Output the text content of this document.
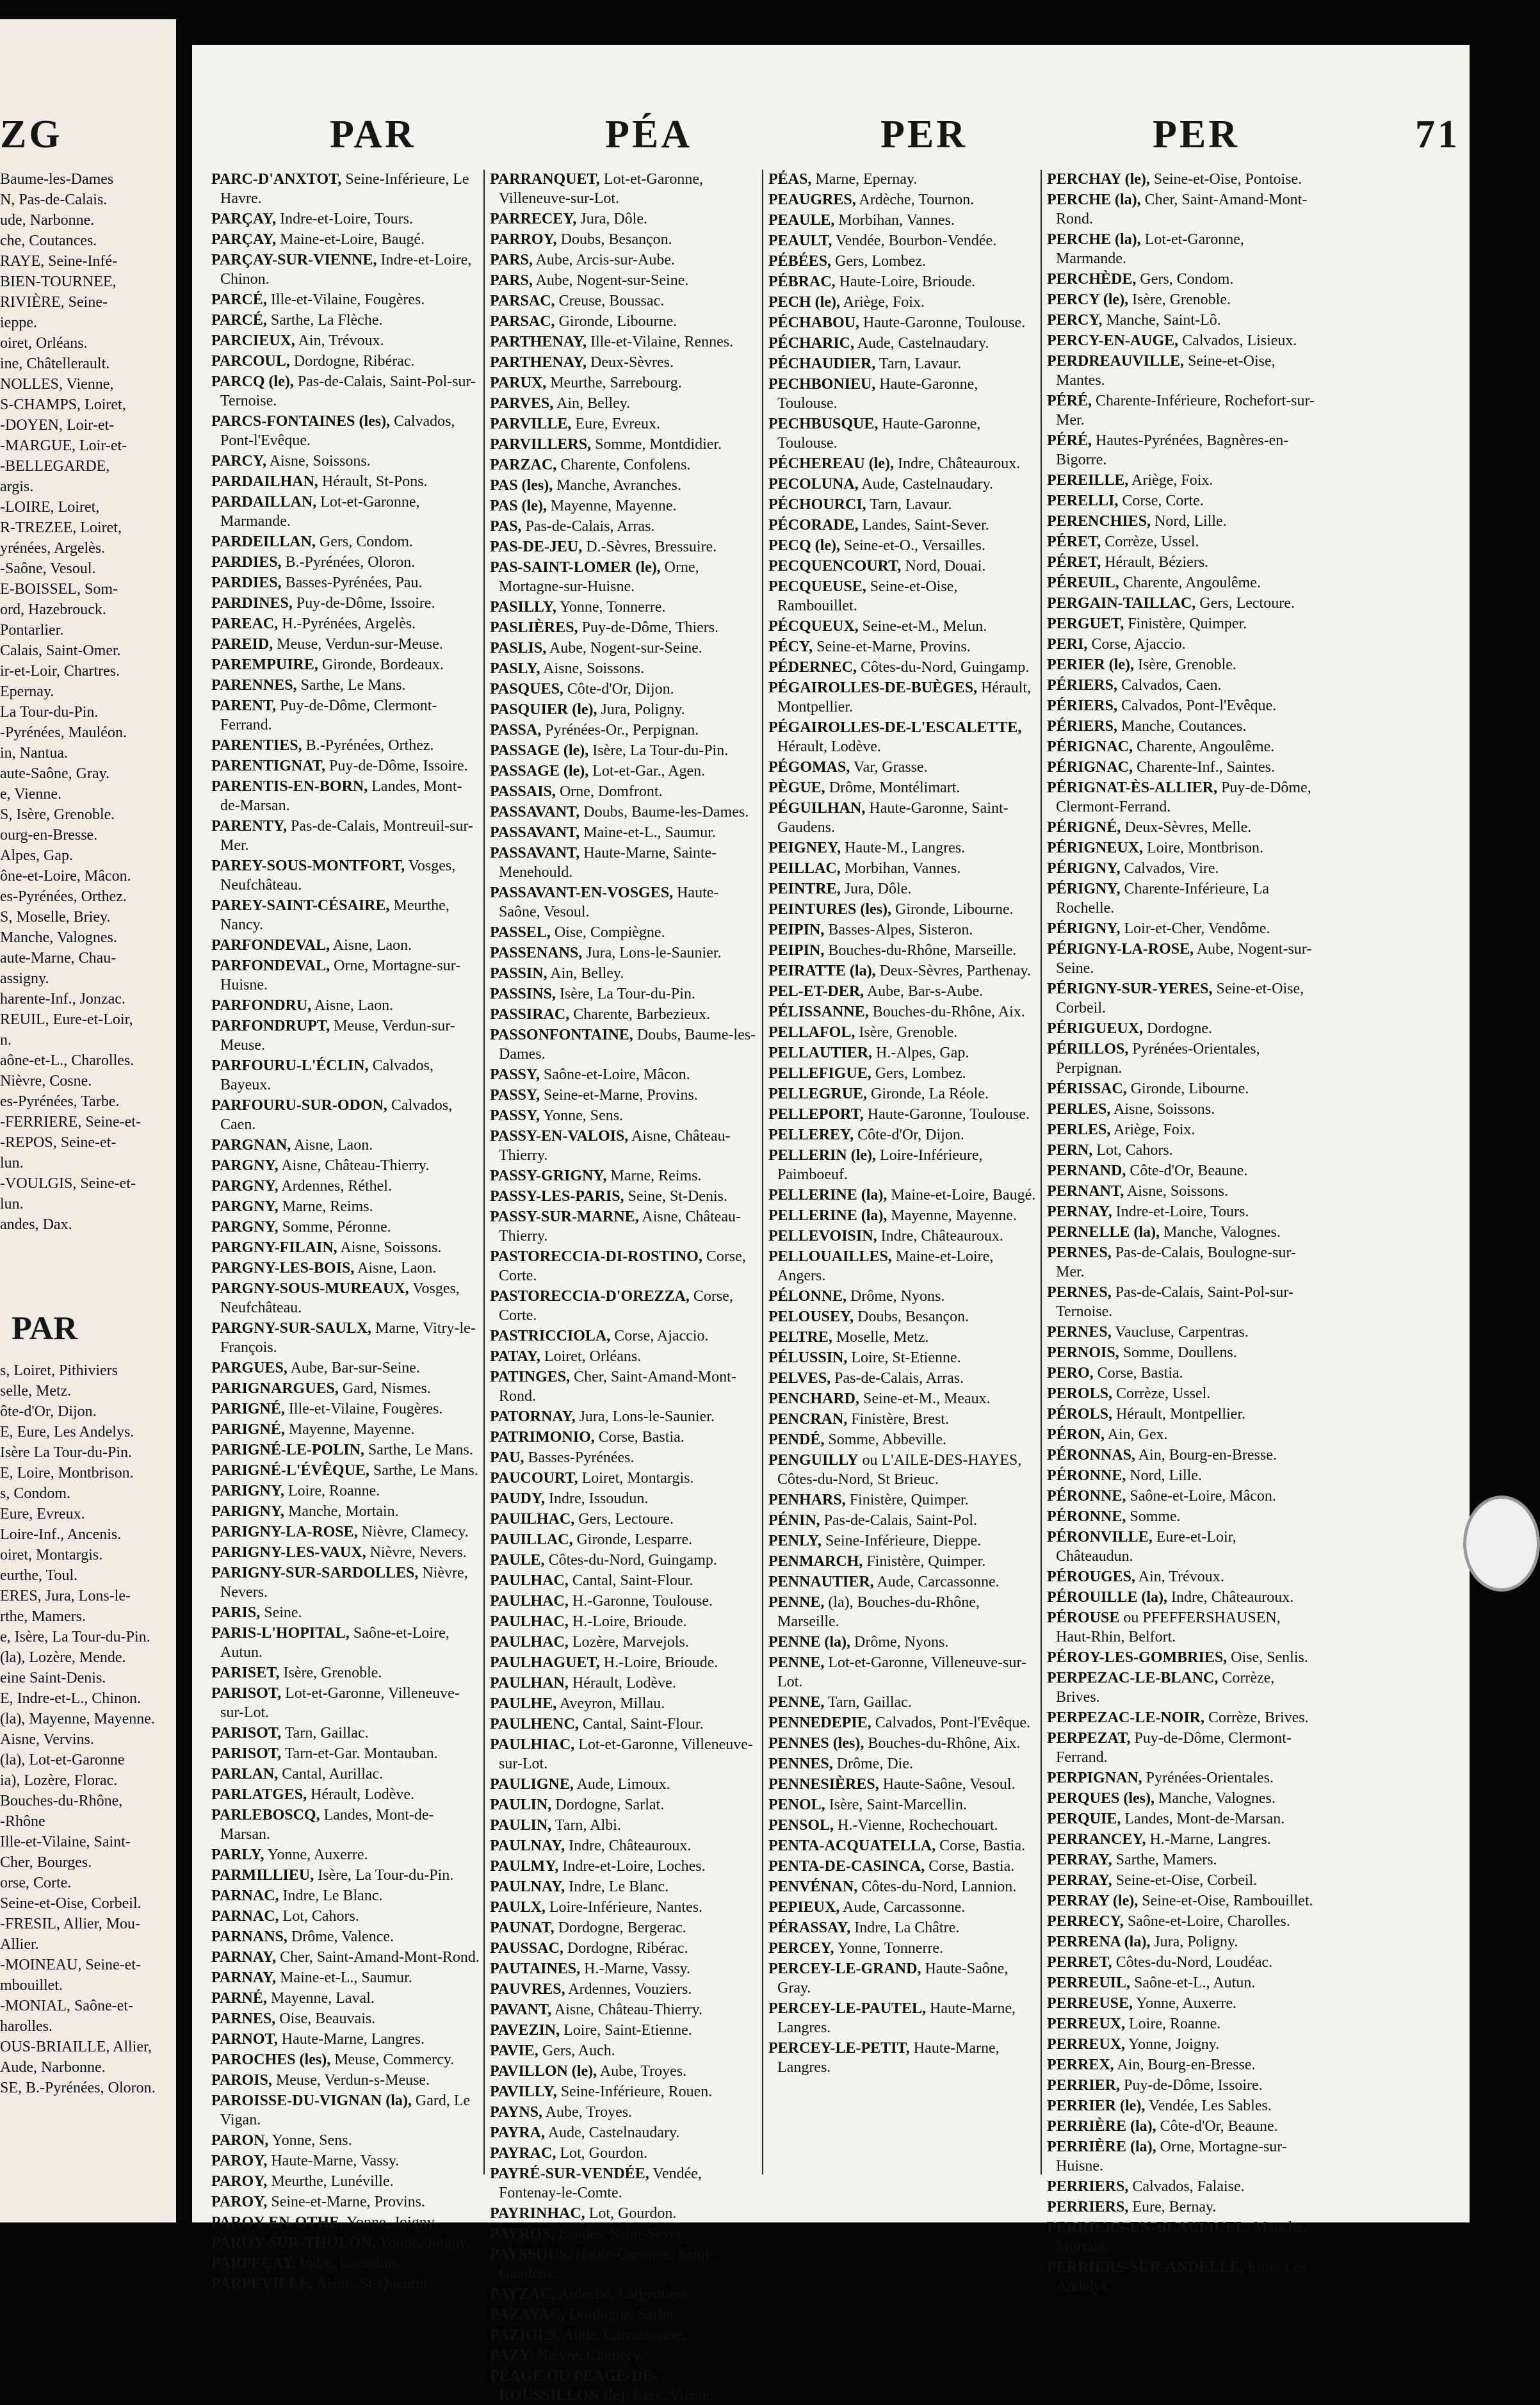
ZG
Baume-les-Dames
N, Pas-de-Calais.
ude, Narbonne.
che, Coutances.
RAYE, Seine-Infé-
BIEN-TOURNEE,
RIVIÈRE, Seine-
ieppe.
oiret, Orléans.
ine, Châtellerault.
NOLLES, Vienne,
S-CHAMPS, Loiret,
-DOYEN, Loir-et-
-MARGUE, Loir-et-
-BELLEGARDE,
argis.
-LOIRE, Loiret,
R-TREZEE, Loiret,
yrénées, Argelès.
-Saône, Vesoul.
E-BOISSEL, Som-
ord, Hazebrouck.
Pontarlier.
Calais, Saint-Omer.
ir-et-Loir, Chartres.
Epernay.
La Tour-du-Pin.
-Pyrénées, Mauléon.
in, Nantua.
aute-Saône, Gray.
e, Vienne.
S, Isère, Grenoble.
ourg-en-Bresse.
Alpes, Gap.
ône-et-Loire, Mâcon.
es-Pyrénées, Orthez.
S, Moselle, Briey.
Manche, Valognes.
aute-Marne, Chau-
assigny.
harente-Inf., Jonzac.
REUIL, Eure-et-Loir,
n.
aône-et-L., Charolles.
Nièvre, Cosne.
es-Pyrénées, Tarbe.
-FERRIERE, Seine-et-
-REPOS, Seine-et-
lun.
-VOULGIS, Seine-et-
lun.
andes, Dax.
PAR
s, Loiret, Pithiviers
selle, Metz.
ôte-d'Or, Dijon.
E, Eure, Les Andelys.
Isère La Tour-du-Pin.
E, Loire, Montbrison.
s, Condom.
Eure, Evreux.
Loire-Inf., Ancenis.
oiret, Montargis.
eurthe, Toul.
ERES, Jura, Lons-le-
rthe, Mamers.
e, Isère, La Tour-du-Pin.
(la), Lozère, Mende.
eine Saint-Denis.
E, Indre-et-L., Chinon.
(la), Mayenne, Mayenne.
Aisne, Vervins.
(la), Lot-et-Garonne
ia), Lozère, Florac.
Bouches-du-Rhône,
-Rhône
Ille-et-Vilaine, Saint-
Cher, Bourges.
orse, Corte.
Seine-et-Oise, Corbeil.
-FRESIL, Allier, Mou-
Allier.
-MOINEAU, Seine-et-
mbouillet.
-MONIAL, Saône-et-
harolles.
OUS-BRIAILLE, Allier,
Aude, Narbonne.
SE, B.-Pyrénées, Oloron.
PAR	PÉA	PER	PER	71
PARC-D'ANXTOT, Seine-Inférieure, Le Havre.
PARÇAY, Indre-et-Loire, Tours.
PARÇAY, Maine-et-Loire, Baugé.
PARÇAY-SUR-VIENNE, Indre-et-Loire, Chinon.
PARCÉ, Ille-et-Vilaine, Fougères.
PARCÉ, Sarthe, La Flèche.
PARCIEUX, Ain, Trévoux.
PARCOUL, Dordogne, Ribérac.
PARCQ (le), Pas-de-Calais, Saint-Pol-sur-Ternoise.
PARCS-FONTAINES (les), Calvados, Pont-l'Evêque.
PARCY, Aisne, Soissons.
PARDAILHAN, Hérault, St-Pons.
PARDAILLAN, Lot-et-Garonne, Marmande.
PARDEILLAN, Gers, Condom.
PARDIES, B.-Pyrénées, Oloron.
PARDIES, Basses-Pyrénées, Pau.
PARDINES, Puy-de-Dôme, Issoire.
PAREAC, H.-Pyrénées, Argelès.
PAREID, Meuse, Verdun-sur-Meuse.
PAREMPUIRE, Gironde, Bordeaux.
PARENNES, Sarthe, Le Mans.
PARENT, Puy-de-Dôme, Clermont-Ferrand.
PARENTIES, B.-Pyrénées, Orthez.
PARENTIGNAT, Puy-de-Dôme, Issoire.
PARENTIS-EN-BORN, Landes, Mont-de-Marsan.
PARENTY, Pas-de-Calais, Montreuil-sur-Mer.
PAREY-SOUS-MONTFORT, Vosges, Neufchâteau.
PAREY-SAINT-CÉSAIRE, Meurthe, Nancy.
PARFONDEVAL, Aisne, Laon.
PARFONDEVAL, Orne, Mortagne-sur-Huisne.
PARFONDRU, Aisne, Laon.
PARFONDRUPT, Meuse, Verdun-sur-Meuse.
PARFOURU-L'ÉCLIN, Calvados, Bayeux.
PARFOURU-SUR-ODON, Calvados, Caen.
PARGNAN, Aisne, Laon.
PARGNY, Aisne, Château-Thierry.
PARGNY, Ardennes, Réthel.
PARGNY, Marne, Reims.
PARGNY, Somme, Péronne.
PARGNY-FILAIN, Aisne, Soissons.
PARGNY-LES-BOIS, Aisne, Laon.
PARGNY-SOUS-MUREAUX, Vosges, Neufchâteau.
PARGNY-SUR-SAULX, Marne, Vitry-le-François.
PARGUES, Aube, Bar-sur-Seine.
PARIGNARGUES, Gard, Nismes.
PARIGNÉ, Ille-et-Vilaine, Fougères.
PARIGNÉ, Mayenne, Mayenne.
PARIGNÉ-LE-POLIN, Sarthe, Le Mans.
PARIGNÉ-L'ÉVÊQUE, Sarthe, Le Mans.
PARIGNY, Loire, Roanne.
PARIGNY, Manche, Mortain.
PARIGNY-LA-ROSE, Nièvre, Clamecy.
PARIGNY-LES-VAUX, Nièvre, Nevers.
PARIGNY-SUR-SARDOLLES, Nièvre, Nevers.
PARIS, Seine.
PARIS-L'HOPITAL, Saône-et-Loire, Autun.
PARISET, Isère, Grenoble.
PARISOT, Lot-et-Garonne, Villeneuve-sur-Lot.
PARISOT, Tarn, Gaillac.
PARISOT, Tarn-et-Gar. Montauban.
PARLAN, Cantal, Aurillac.
PARLATGES, Hérault, Lodève.
PARLEBOSCQ, Landes, Mont-de-Marsan.
PARLY, Yonne, Auxerre.
PARMILLIEU, Isère, La Tour-du-Pin.
PARNAC, Indre, Le Blanc.
PARNAC, Lot, Cahors.
PARNANS, Drôme, Valence.
PARNAY, Cher, Saint-Amand-Mont-Rond.
PARNAY, Maine-et-L., Saumur.
PARNÉ, Mayenne, Laval.
PARNES, Oise, Beauvais.
PARNOT, Haute-Marne, Langres.
PAROCHES (les), Meuse, Commercy.
PAROIS, Meuse, Verdun-s-Meuse.
PAROISSE-DU-VIGNAN (la), Gard, Le Vigan.
PARON, Yonne, Sens.
PAROY, Haute-Marne, Vassy.
PAROY, Meurthe, Lunéville.
PAROY, Seine-et-Marne, Provins.
PAROY-EN-OTHE, Yonne, Joigny.
PAROY-SUR-THOLON, Yonne, Joigny.
PARPEÇAY, Indre, Issoudun.
PARPEVILLE, Aisne, St-Quentin.
PARRANQUET, Lot-et-Garonne, Villeneuve-sur-Lot.
PARRECEY, Jura, Dôle.
PARROY, Doubs, Besançon.
PARS, Aube, Arcis-sur-Aube.
PARS, Aube, Nogent-sur-Seine.
PARSAC, Creuse, Boussac.
PARSAC, Gironde, Libourne.
PARTHENAY, Ille-et-Vilaine, Rennes.
PARTHENAY, Deux-Sèvres.
PARUX, Meurthe, Sarrebourg.
PARVES, Ain, Belley.
PARVILLE, Eure, Evreux.
PARVILLERS, Somme, Montdidier.
PARZAC, Charente, Confolens.
PAS (les), Manche, Avranches.
PAS (le), Mayenne, Mayenne.
PAS, Pas-de-Calais, Arras.
PAS-DE-JEU, D.-Sèvres, Bressuire.
PAS-SAINT-LOMER (le), Orne, Mortagne-sur-Huisne.
PASILLY, Yonne, Tonnerre.
PASLIÈRES, Puy-de-Dôme, Thiers.
PASLIS, Aube, Nogent-sur-Seine.
PASLY, Aisne, Soissons.
PASQUES, Côte-d'Or, Dijon.
PASQUIER (le), Jura, Poligny.
PASSA, Pyrénées-Or., Perpignan.
PASSAGE (le), Isère, La Tour-du-Pin.
PASSAGE (le), Lot-et-Gar., Agen.
PASSAIS, Orne, Domfront.
PASSAVANT, Doubs, Baume-les-Dames.
PASSAVANT, Maine-et-L., Saumur.
PASSAVANT, Haute-Marne, Sainte-Menehould.
PASSAVANT-EN-VOSGES, Haute-Saône, Vesoul.
PASSEL, Oise, Compiègne.
PASSENANS, Jura, Lons-le-Saunier.
PASSIN, Ain, Belley.
PASSINS, Isère, La Tour-du-Pin.
PASSIRAC, Charente, Barbezieux.
PASSONFONTAINE, Doubs, Baume-les-Dames.
PASSY, Saône-et-Loire, Mâcon.
PASSY, Seine-et-Marne, Provins.
PASSY, Yonne, Sens.
PASSY-EN-VALOIS, Aisne, Château-Thierry.
PASSY-GRIGNY, Marne, Reims.
PASSY-LES-PARIS, Seine, St-Denis.
PASSY-SUR-MARNE, Aisne, Château-Thierry.
PASTORECCIA-DI-ROSTINO, Corse, Corte.
PASTORECCIA-D'OREZZA, Corse, Corte.
PASTRICCIOLA, Corse, Ajaccio.
PATAY, Loiret, Orléans.
PATINGES, Cher, Saint-Amand-Mont-Rond.
PATORNAY, Jura, Lons-le-Saunier.
PATRIMONIO, Corse, Bastia.
PAU, Basses-Pyrénées.
PAUCOURT, Loiret, Montargis.
PAUDY, Indre, Issoudun.
PAUILHAC, Gers, Lectoure.
PAUILLAC, Gironde, Lesparre.
PAULE, Côtes-du-Nord, Guingamp.
PAULHAC, Cantal, Saint-Flour.
PAULHAC, H.-Garonne, Toulouse.
PAULHAC, H.-Loire, Brioude.
PAULHAC, Lozère, Marvejols.
PAULHAGUET, H.-Loire, Brioude.
PAULHAN, Hérault, Lodève.
PAULHE, Aveyron, Millau.
PAULHENC, Cantal, Saint-Flour.
PAULHIAC, Lot-et-Garonne, Villeneuve-sur-Lot.
PAULIGNE, Aude, Limoux.
PAULIN, Dordogne, Sarlat.
PAULIN, Tarn, Albi.
PAULNAY, Indre, Châteauroux.
PAULMY, Indre-et-Loire, Loches.
PAULNAY, Indre, Le Blanc.
PAULX, Loire-Inférieure, Nantes.
PAUNAT, Dordogne, Bergerac.
PAUSSAC, Dordogne, Ribérac.
PAUTAINES, H.-Marne, Vassy.
PAUVRES, Ardennes, Vouziers.
PAVANT, Aisne, Château-Thierry.
PAVEZIN, Loire, Saint-Etienne.
PAVIE, Gers, Auch.
PAVILLON (le), Aube, Troyes.
PAVILLY, Seine-Inférieure, Rouen.
PAYNS, Aube, Troyes.
PAYRA, Aude, Castelnaudary.
PAYRAC, Lot, Gourdon.
PAYRÉ-SUR-VENDÉE, Vendée, Fontenay-le-Comte.
PAYRINHAC, Lot, Gourdon.
PAYROS, Landes, Saint-Sever.
PAYSSOUS, Haute-Garonne, Saint-Gaudens.
PAYZAC, Ardèche, Largentière.
PAZAYAC, Dordogne, Sarlat.
PAZIOLS, Aude, Carcassonne.
PAZY, Nièvre, Clamecy.
PÉAGE OU PÉAGE-DE-ROUSSILLON (le), Isère, Vienne.
PÉAS, Marne, Epernay.
PEAUGRES, Ardèche, Tournon.
PEAULE, Morbihan, Vannes.
PEAULT, Vendée, Bourbon-Vendée.
PÉBÉES, Gers, Lombez.
PÉBRAC, Haute-Loire, Brioude.
PECH (le), Ariège, Foix.
PÉCHABOU, Haute-Garonne, Toulouse.
PÉCHARIC, Aude, Castelnaudary.
PÉCHAUDIER, Tarn, Lavaur.
PECHBONIEU, Haute-Garonne, Toulouse.
PECHBUSQUE, Haute-Garonne, Toulouse.
PÉCHEREAU (le), Indre, Châteauroux.
PECOLUNA, Aude, Castelnaudary.
PÉCHOURCI, Tarn, Lavaur.
PÉCORADE, Landes, Saint-Sever.
PECQ (le), Seine-et-O., Versailles.
PECQUENCOURT, Nord, Douai.
PECQUEUSE, Seine-et-Oise, Rambouillet.
PÉCQUEUX, Seine-et-M., Melun.
PÉCY, Seine-et-Marne, Provins.
PÉDERNEC, Côtes-du-Nord, Guingamp.
PÉGAIROLLES-DE-BUÈGES, Hérault, Montpellier.
PÉGAIROLLES-DE-L'ESCALETTE, Hérault, Lodève.
PÉGOMAS, Var, Grasse.
PÈGUE, Drôme, Montélimart.
PÉGUILHAN, Haute-Garonne, Saint-Gaudens.
PEIGNEY, Haute-M., Langres.
PEILLAC, Morbihan, Vannes.
PEINTRE, Jura, Dôle.
PEINTURES (les), Gironde, Libourne.
PEIPIN, Basses-Alpes, Sisteron.
PEIPIN, Bouches-du-Rhône, Marseille.
PEIRATTE (la), Deux-Sèvres, Parthenay.
PEL-ET-DER, Aube, Bar-s-Aube.
PÉLISSANNE, Bouches-du-Rhône, Aix.
PELLAFOL, Isère, Grenoble.
PELLAUTIER, H.-Alpes, Gap.
PELLEFIGUE, Gers, Lombez.
PELLEGRUE, Gironde, La Réole.
PELLEPORT, Haute-Garonne, Toulouse.
PELLEREY, Côte-d'Or, Dijon.
PELLERIN (le), Loire-Inférieure, Paimboeuf.
PELLERINE (la), Maine-et-Loire, Baugé.
PELLERINE (la), Mayenne, Mayenne.
PELLEVOISIN, Indre, Châteauroux.
PELLOUAILLES, Maine-et-Loire, Angers.
PÉLONNE, Drôme, Nyons.
PELOUSEY, Doubs, Besançon.
PELTRE, Moselle, Metz.
PÉLUSSIN, Loire, St-Etienne.
PELVES, Pas-de-Calais, Arras.
PENCHARD, Seine-et-M., Meaux.
PENCRAN, Finistère, Brest.
PENDÉ, Somme, Abbeville.
PENGUILLY ou L'AILE-DES-HAYES, Côtes-du-Nord, St Brieuc.
PENHARS, Finistère, Quimper.
PÉNIN, Pas-de-Calais, Saint-Pol.
PENLY, Seine-Inférieure, Dieppe.
PENMARCH, Finistère, Quimper.
PENNAUTIER, Aude, Carcassonne.
PENNE, (la), Bouches-du-Rhône, Marseille.
PENNE (la), Drôme, Nyons.
PENNE, Lot-et-Garonne, Villeneuve-sur-Lot.
PENNE, Tarn, Gaillac.
PENNEDEPIE, Calvados, Pont-l'Evêque.
PENNES (les), Bouches-du-Rhône, Aix.
PENNES, Drôme, Die.
PENNESIÈRES, Haute-Saône, Vesoul.
PENOL, Isère, Saint-Marcellin.
PENSOL, H.-Vienne, Rochechouart.
PENTA-ACQUATELLA, Corse, Bastia.
PENTA-DE-CASINCA, Corse, Bastia.
PENVÉNAN, Côtes-du-Nord, Lannion.
PEPIEUX, Aude, Carcassonne.
PÉRASSAY, Indre, La Châtre.
PERCEY, Yonne, Tonnerre.
PERCEY-LE-GRAND, Haute-Saône, Gray.
PERCEY-LE-PAUTEL, Haute-Marne, Langres.
PERCEY-LE-PETIT, Haute-Marne, Langres.
PERCHAY (le), Seine-et-Oise, Pontoise.
PERCHE (la), Cher, Saint-Amand-Mont-Rond.
PERCHE (la), Lot-et-Garonne, Marmande.
PERCHÈDE, Gers, Condom.
PERCY (le), Isère, Grenoble.
PERCY, Manche, Saint-Lô.
PERCY-EN-AUGE, Calvados, Lisieux.
PERDREAUVILLE, Seine-et-Oise, Mantes.
PÉRÉ, Charente-Inférieure, Rochefort-sur-Mer.
PÉRÉ, Hautes-Pyrénées, Bagnères-en-Bigorre.
PEREILLE, Ariège, Foix.
PERELLI, Corse, Corte.
PERENCHIES, Nord, Lille.
PÉRET, Corrèze, Ussel.
PÉRET, Hérault, Béziers.
PÉREUIL, Charente, Angoulême.
PERGAIN-TAILLAC, Gers, Lectoure.
PERGUET, Finistère, Quimper.
PERI, Corse, Ajaccio.
PERIER (le), Isère, Grenoble.
PÉRIERS, Calvados, Caen.
PÉRIERS, Calvados, Pont-l'Evêque.
PÉRIERS, Manche, Coutances.
PÉRIGNAC, Charente, Angoulême.
PÉRIGNAC, Charente-Inf., Saintes.
PÉRIGNAT-ÈS-ALLIER, Puy-de-Dôme, Clermont-Ferrand.
PÉRIGNÉ, Deux-Sèvres, Melle.
PÉRIGNEUX, Loire, Montbrison.
PÉRIGNY, Calvados, Vire.
PÉRIGNY, Charente-Inférieure, La Rochelle.
PÉRIGNY, Loir-et-Cher, Vendôme.
PÉRIGNY-LA-ROSE, Aube, Nogent-sur-Seine.
PÉRIGNY-SUR-YERES, Seine-et-Oise, Corbeil.
PÉRIGUEUX, Dordogne.
PÉRILLOS, Pyrénées-Orientales, Perpignan.
PÉRISSAC, Gironde, Libourne.
PERLES, Aisne, Soissons.
PERLES, Ariège, Foix.
PERN, Lot, Cahors.
PERNAND, Côte-d'Or, Beaune.
PERNANT, Aisne, Soissons.
PERNAY, Indre-et-Loire, Tours.
PERNELLE (la), Manche, Valognes.
PERNES, Pas-de-Calais, Boulogne-sur-Mer.
PERNES, Pas-de-Calais, Saint-Pol-sur-Ternoise.
PERNES, Vaucluse, Carpentras.
PERNOIS, Somme, Doullens.
PERO, Corse, Bastia.
PEROLS, Corrèze, Ussel.
PÉROLS, Hérault, Montpellier.
PÉRON, Ain, Gex.
PÉRONNAS, Ain, Bourg-en-Bresse.
PÉRONNE, Nord, Lille.
PÉRONNE, Saône-et-Loire, Mâcon.
PÉRONNE, Somme.
PÉRONVILLE, Eure-et-Loir, Châteaudun.
PÉROUGES, Ain, Trévoux.
PÉROUILLE (la), Indre, Châteauroux.
PÉROUSE ou PFEFFERSHAUSEN, Haut-Rhin, Belfort.
PÉROY-LES-GOMBRIES, Oise, Senlis.
PERPEZAC-LE-BLANC, Corrèze, Brives.
PERPEZAC-LE-NOIR, Corrèze, Brives.
PERPEZAT, Puy-de-Dôme, Clermont-Ferrand.
PERPIGNAN, Pyrénées-Orientales.
PERQUES (les), Manche, Valognes.
PERQUIE, Landes, Mont-de-Marsan.
PERRANCEY, H.-Marne, Langres.
PERRAY, Sarthe, Mamers.
PERRAY, Seine-et-Oise, Corbeil.
PERRAY (le), Seine-et-Oise, Rambouillet.
PERRECY, Saône-et-Loire, Charolles.
PERRENA (la), Jura, Poligny.
PERRET, Côtes-du-Nord, Loudéac.
PERREUIL, Saône-et-L., Autun.
PERREUSE, Yonne, Auxerre.
PERREUX, Loire, Roanne.
PERREUX, Yonne, Joigny.
PERREX, Ain, Bourg-en-Bresse.
PERRIER, Puy-de-Dôme, Issoire.
PERRIER (le), Vendée, Les Sables.
PERRIÈRE (la), Côte-d'Or, Beaune.
PERRIÈRE (la), Orne, Mortagne-sur-Huisne.
PERRIERS, Calvados, Falaise.
PERRIERS, Eure, Bernay.
PERRIERS-EN-BEAUFICEL, Manche, Mortain.
PERRIERS-SUR-ANDELLE, Eure, Les Andelys.
